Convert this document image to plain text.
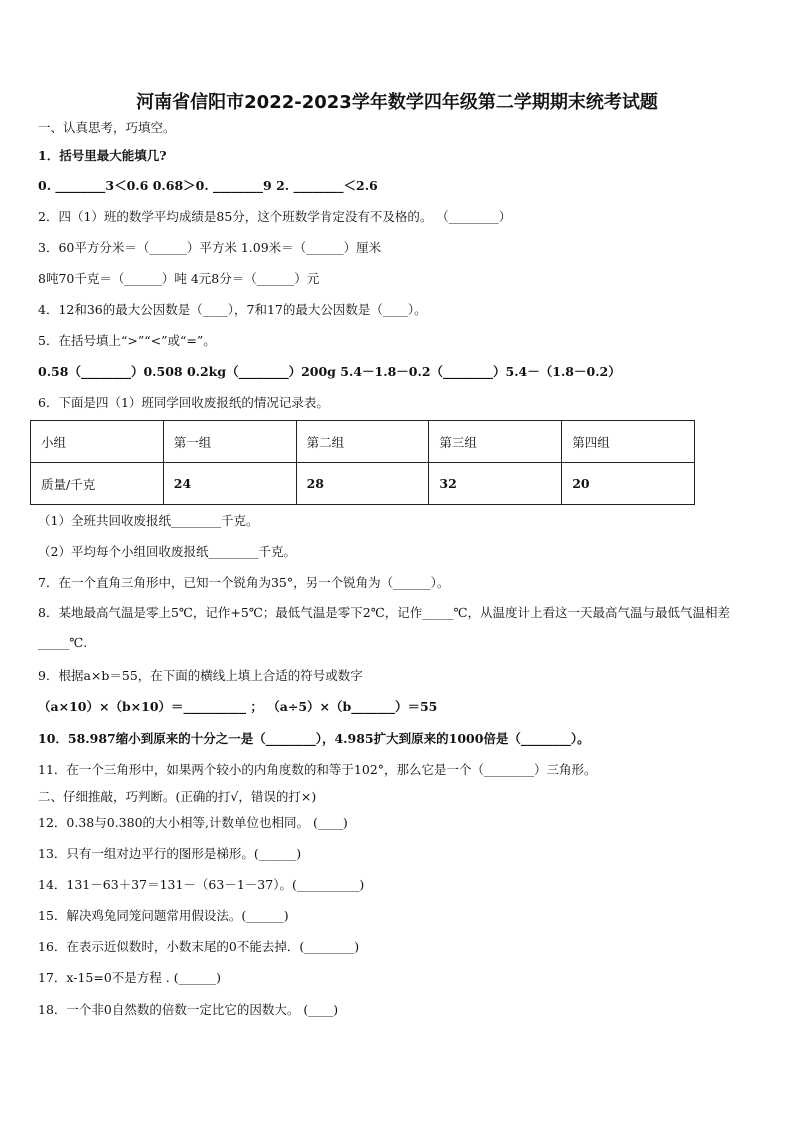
河南省信阳市2022-2023学年数学四年级第二学期期末统考试题
一、认真思考，巧填空。
1．括号里最大能填几?
0. ________3＜0.6 0.68＞0. ________9 2. ________＜2.6
2．四（1）班的数学平均成绩是85分，这个班数学肯定没有不及格的。 （________）
3．60平方分米＝（______）平方米 1.09米＝（______）厘米
8吨70千克＝（______）吨 4元8分＝（______）元
4．12和36的最大公因数是（____），7和17的最大公因数是（____）。
5．在括号填上“>”“<”或“=”。
0.58（________）0.508 0.2kg（________）200g 5.4－1.8－0.2（________）5.4－（1.8－0.2）
6．下面是四（1）班同学回收废报纸的情况记录表。
小组	第一组	第二组	第三组	第四组
质量/千克	24	28	32	20
（1）全班共回收废报纸________千克。
（2）平均每个小组回收废报纸________千克。
7．在一个直角三角形中，已知一个锐角为35°，另一个锐角为（______）。
8．某地最高气温是零上5℃，记作+5℃；最低气温是零下2℃，记作_____℃，从温度计上看这一天最高气温与最低气温相差_____℃.
9．根据a×b＝55，在下面的横线上填上合适的符号或数字
（a×10）×（b×10）＝__________ ； （a÷5）×（b_______）＝55
10．58.987缩小到原来的十分之一是（________），4.985扩大到原来的1000倍是（________）。
11．在一个三角形中，如果两个较小的内角度数的和等于102°，那么它是一个（________）三角形。
二、仔细推敲，巧判断。(正确的打√，错误的打×)
12．0.38与0.380的大小相等,计数单位也相同。 (____)
13．只有一组对边平行的图形是梯形。(______)
14．131－63＋37＝131－（63－1－37）。(__________)
15．解决鸡兔同笼问题常用假设法。(______)
16．在表示近似数时，小数末尾的0不能去掉．(________)
17．x-15=0不是方程 . (______)
18．一个非0自然数的倍数一定比它的因数大。 (____)
